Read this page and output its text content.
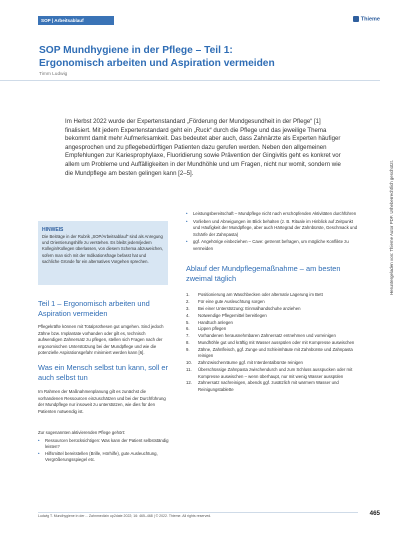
SOP | Arbeitsablauf	Thieme
SOP Mundhygiene in der Pflege – Teil 1:
Ergonomisch arbeiten und Aspiration vermeiden
Timm Ludwig

Im Herbst 2022 wurde der Expertenstandard „Förderung der Mundgesundheit in der Pflege“ [1] finalisiert. Mit jedem Expertenstandard geht ein „Ruck“ durch die Pflege und das jeweilige Thema bekommt damit mehr Aufmerksamkeit. Das bedeutet aber auch, dass Zahnärzte als Experten häufiger angesprochen und zu pflegebedürftigen Patienten dazu gerufen werden. Neben den allgemeinen Empfehlungen zur Kariesprophylaxe, Fluoridierung sowie Prävention der Gingivitis geht es konkret vor allem um Probleme und Auffälligkeiten in der Mundhöhle und um Fragen, nicht nur womit, sondern wie die Mundpflege am besten gelingen kann [2–5].	Heruntergeladen von: Thieme Autor PDF. Urheberrechtlich geschützt.
HINWEIS

Die Beiträge in der Rubrik „SOP/Arbeitsablauf“ sind als Anregung und Orientierungshilfe zu verstehen. Es bleibt jedem/jedem Kollegin/Kollegen überlassen, von diesem Schema abzuweichen, sofern man sich mit der Indikationsfrage befasst hat und sachliche Gründe für ein alternatives Vorgehen sprechen.

• Leistungsbereitschaft – Mundpflege nicht nach erschöpfenden Aktivitäten durchführen
• Vorlieben und Abneigungen im Blick behalten (z. B. Rituale im Hinblick auf Zeitpunkt und Häufigkeit der Mundpflege, aber auch Härtegrad der Zahnbürste, Geschmack und Schärfe der Zahnpasta)
• ggf. Angehörige einbeziehen – Cave: getrennt befragen, um mögliche Konflikte zu vermeiden
Teil 1 – Ergonomisch arbeiten und Aspiration vermeiden
Pflegekräfte können mit Totalprothesen gut umgehen. Sind jedoch Zähne bzw. Implantate vorhanden oder gilt es, technisch aufwendigen Zahnersatz zu pflegen, stellen sich Fragen nach der ergonomischen Unterstützung bei der Mundpflege und wie die potenzielle Aspirationsgefahr minimiert werden kann [6].
Was ein Mensch selbst tun kann, soll er auch selbst tun
Im Rahmen der Maßnahmenplanung gilt es zunächst die vorhandenen Ressourcen einzuschätzen und bei der Durchführung der Mundpflege nur insoweit zu unterstützen, wie dies für den Patienten notwendig ist.
Zur sogenannten aktivierenden Pflege gehört:
• Ressourcen berücksichtigen: Was kann der Patient selbstständig leisten?
• Hilfsmittel bereitstellen (Brille, Hörhilfe), gute Ausleuchtung, Vergrößerungsspiegel etc.
Ablauf der Mundpflegemaßnahme – am besten zweimal täglich
1.	Positionierung am Waschbecken oder alternativ Lagerung im Bett
2.	Für eine gute Ausleuchtung sorgen
3.	Bei einer Unterstützung: Einmalhandschuhe anziehen
4.	Notwendige Pflegemittel bereitlegen
5.	Handtuch anlegen
6.	Lippen pflegen
7.	Vorhandenen herausnehmbaren Zahnersatz entnehmen und vorreinigen
8.	Mundhöhle gut und kräftig mit Wasser ausspülen oder mit Kompresse auswischen
9.	Zähne, Zahnfleisch, ggf. Zunge und Schleimhäute mit Zahnbürste und Zahnpasta reinigen
10.	Zahnzwischenräume ggf. mit Interdentalbürste reinigen
11.	Überschüssige Zahnpasta zwischendurch und zum Schluss ausspucken oder mit Kompresse auswischen – wenn überhaupt, nur mit wenig Wasser ausspülen
12.	Zahnersatz nachreinigen, abends ggf. zusätzlich mit warmem Wasser und Reinigungstablette
Ludwig T. Mundhygiene in der… Zahnmedizin up2date 2022; 16: 465–468 | © 2022. Thieme. All rights reserved.	465
